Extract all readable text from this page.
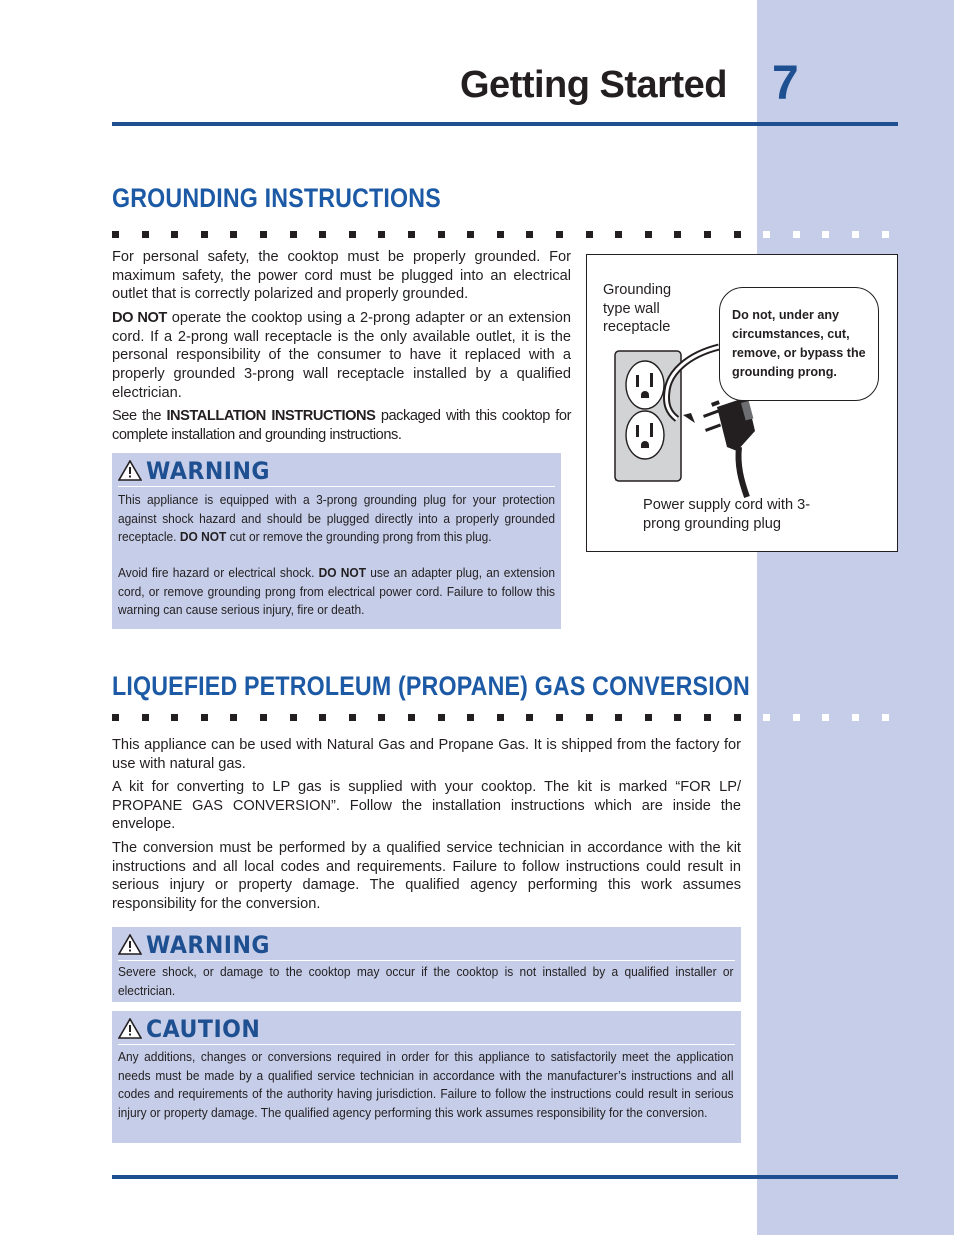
Getting Started 7
GROUNDING INSTRUCTIONS
For personal safety, the cooktop must be properly grounded. For maximum safety, the power cord must be plugged into an electrical outlet that is correctly polarized and properly grounded.
DO NOT operate the cooktop using a 2-prong adapter or an extension cord. If a 2-prong wall receptacle is the only available outlet, it is the personal responsibility of the consumer to have it replaced with a properly grounded 3-prong wall receptacle installed by a qualified electrician.
See the INSTALLATION INSTRUCTIONS packaged with this cooktop for complete installation and grounding instructions.
WARNING
This appliance is equipped with a 3-prong grounding plug for your protection against shock hazard and should be plugged directly into a properly grounded receptacle. DO NOT cut or remove the grounding prong from this plug.
Avoid fire hazard or electrical shock. DO NOT use an adapter plug, an extension cord, or remove grounding prong from electrical power cord. Failure to follow this warning can cause serious injury, fire or death.
Grounding type wall receptacle
Do not, under any circumstances, cut, remove, or bypass the grounding prong.
Power supply cord with 3-prong grounding plug
LIQUEFIED PETROLEUM (PROPANE) GAS CONVERSION
This appliance can be used with Natural Gas and Propane Gas. It is shipped from the factory for use with natural gas.
A kit for converting to LP gas is supplied with your cooktop. The kit is marked “FOR LP/ PROPANE GAS CONVERSION”. Follow the installation instructions which are inside the envelope.
The conversion must be performed by a qualified service technician in accordance with the kit instructions and all local codes and requirements. Failure to follow instructions could result in serious injury or property damage. The qualified agency performing this work assumes responsibility for the conversion.
WARNING
Severe shock, or damage to the cooktop may occur if the cooktop is not installed by a qualified installer or electrician.
CAUTION
Any additions, changes or conversions required in order for this appliance to satisfactorily meet the application needs must be made by a qualified service technician in accordance with the manufacturer’s instructions and all codes and requirements of the authority having jurisdiction. Failure to follow the instructions could result in serious injury or property damage. The qualified agency performing this work assumes responsibility for the conversion.
